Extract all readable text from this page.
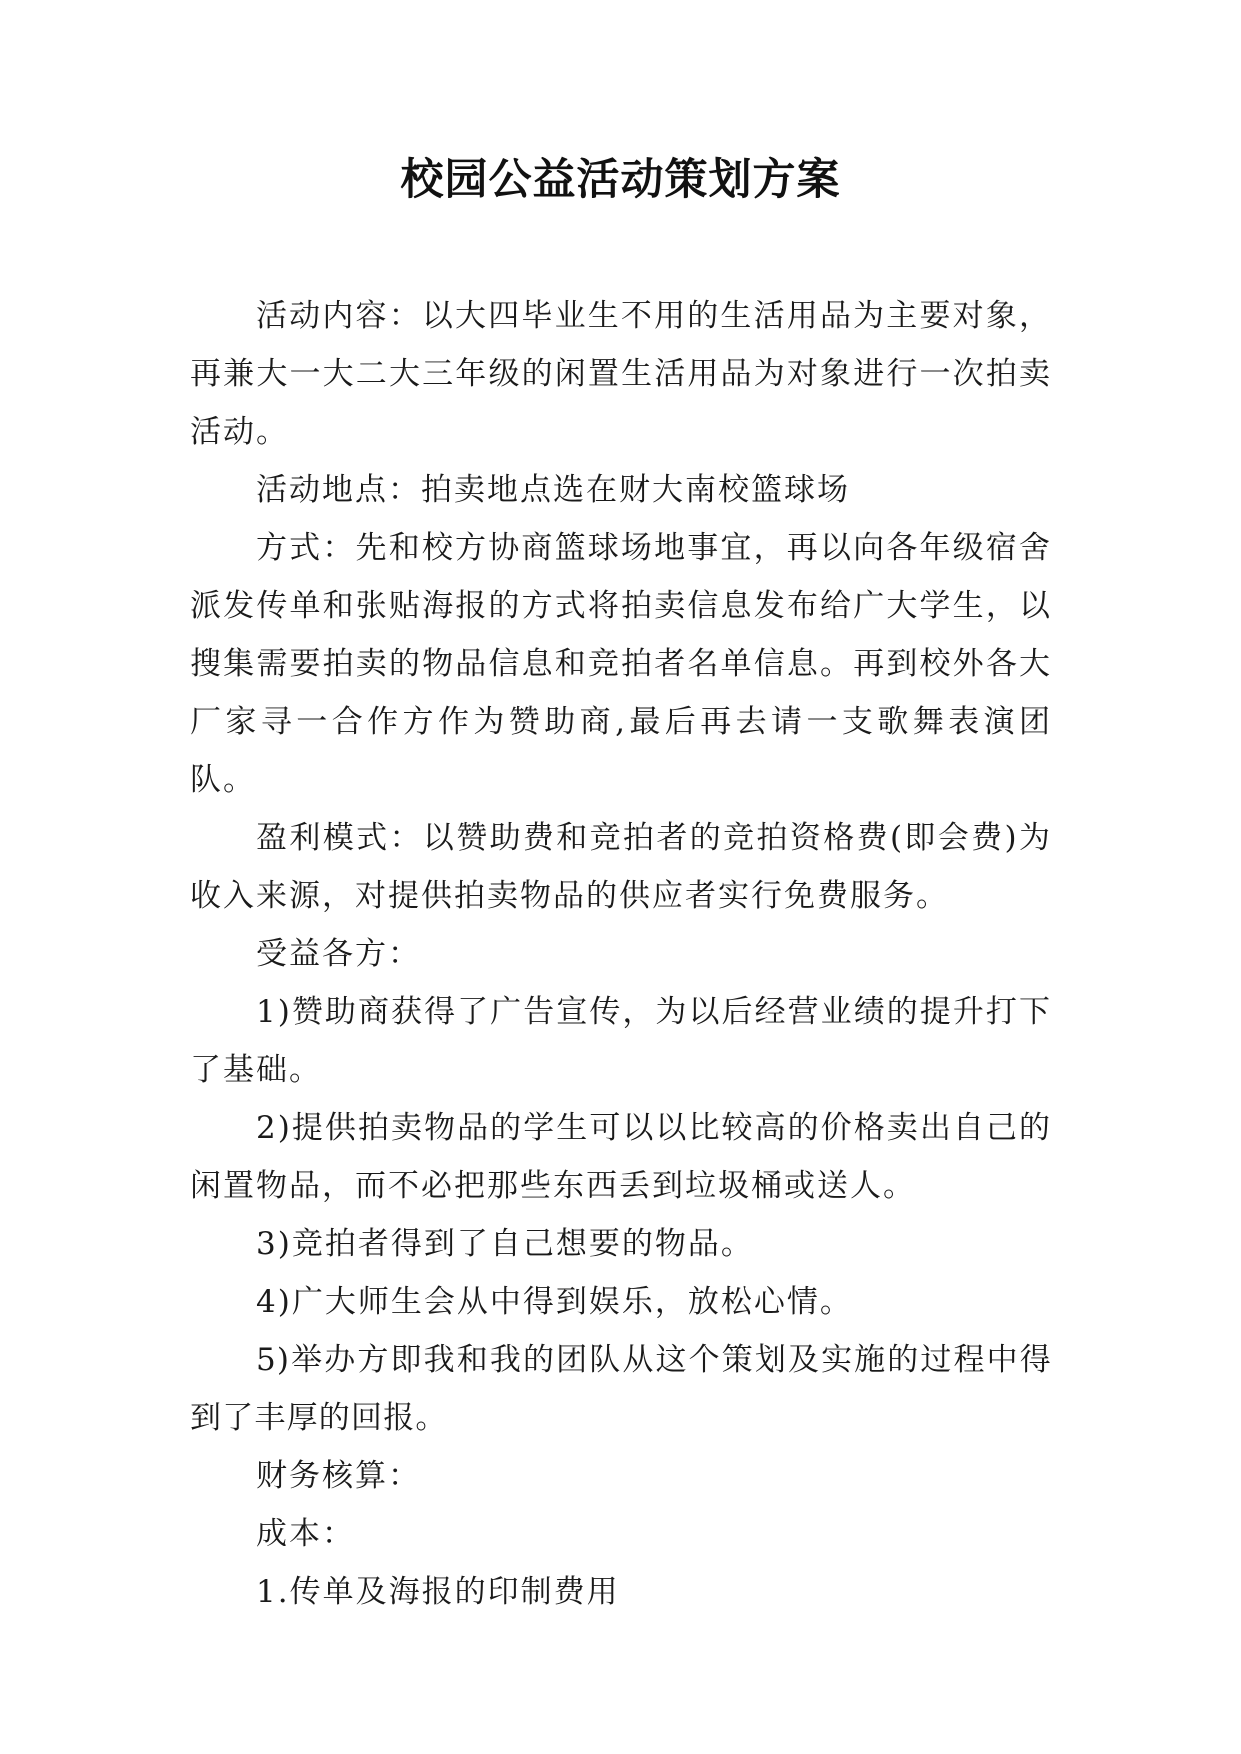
校园公益活动策划方案

活动内容：以大四毕业生不用的生活用品为主要对象，再兼大一大二大三年级的闲置生活用品为对象进行一次拍卖活动。

活动地点：拍卖地点选在财大南校篮球场

方式：先和校方协商篮球场地事宜，再以向各年级宿舍派发传单和张贴海报的方式将拍卖信息发布给广大学生，以搜集需要拍卖的物品信息和竞拍者名单信息。再到校外各大厂家寻一合作方作为赞助商,最后再去请一支歌舞表演团队。

盈利模式：以赞助费和竞拍者的竞拍资格费(即会费)为收入来源，对提供拍卖物品的供应者实行免费服务。

受益各方：

1)赞助商获得了广告宣传，为以后经营业绩的提升打下了基础。

2)提供拍卖物品的学生可以以比较高的价格卖出自己的闲置物品，而不必把那些东西丢到垃圾桶或送人。

3)竞拍者得到了自己想要的物品。

4)广大师生会从中得到娱乐，放松心情。

5)举办方即我和我的团队从这个策划及实施的过程中得到了丰厚的回报。

财务核算：

成本：

1.传单及海报的印制费用
